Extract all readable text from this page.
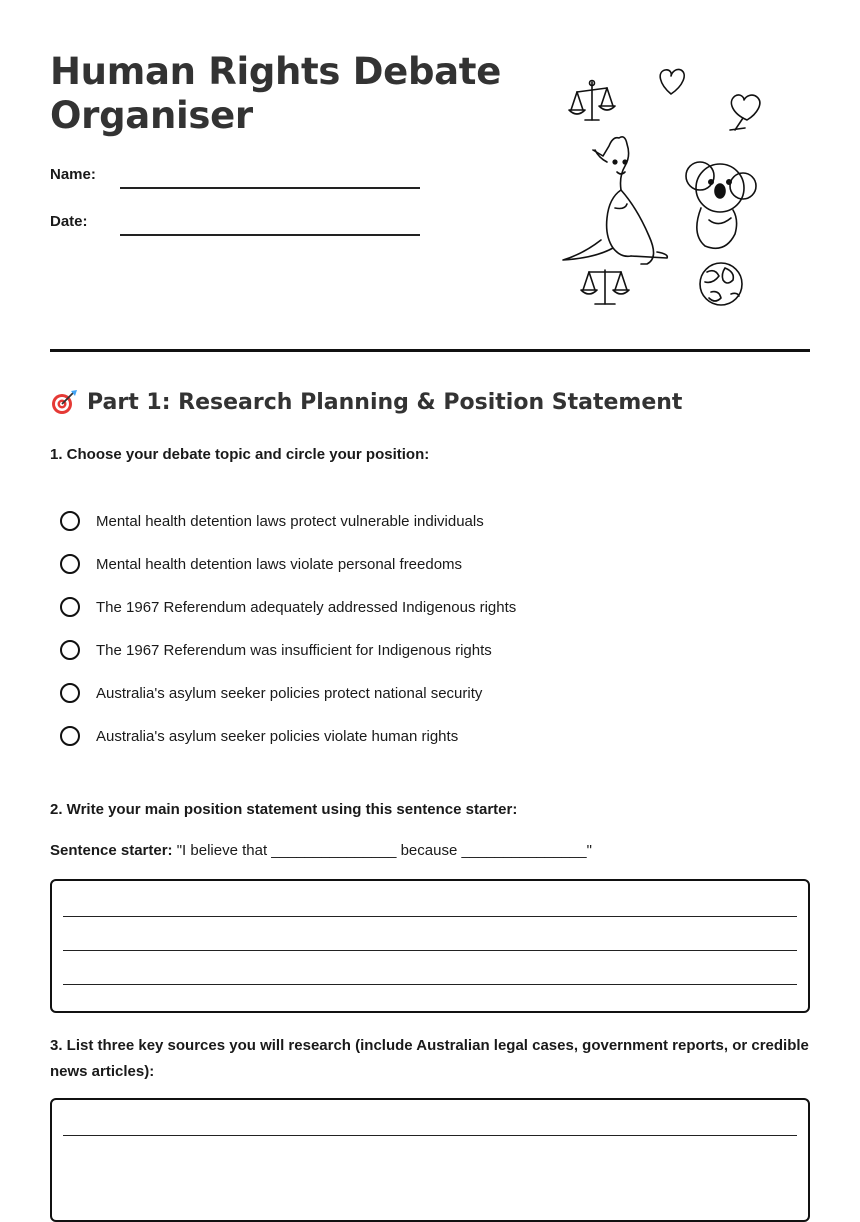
Human Rights Debate
Organiser
Name:
Date:
Part 1: Research Planning & Position Statement

1. Choose your debate topic and circle your position:

Mental health detention laws protect vulnerable individuals
Mental health detention laws violate personal freedoms
The 1967 Referendum adequately addressed Indigenous rights
The 1967 Referendum was insufficient for Indigenous rights
Australia's asylum seeker policies protect national security
Australia's asylum seeker policies violate human rights

2. Write your main position statement using this sentence starter:

Sentence starter: "I believe that _______________ because _______________"

3. List three key sources you will research (include Australian legal cases, government reports, or credible news articles):
